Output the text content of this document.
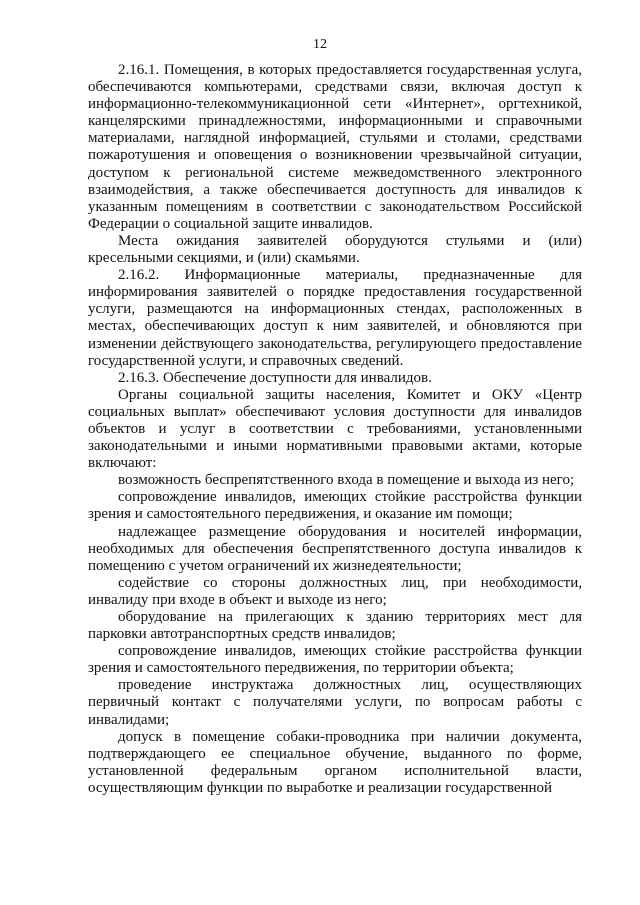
12

2.16.1. Помещения, в которых предоставляется государственная услуга, обеспечиваются компьютерами, средствами связи, включая доступ к информационно-телекоммуникационной сети «Интернет», оргтехникой, канцелярскими принадлежностями, информационными и справочными материалами, наглядной информацией, стульями и столами, средствами пожаротушения и оповещения о возникновении чрезвычайной ситуации, доступом к региональной системе межведомственного электронного взаимодействия, а также обеспечивается доступность для инвалидов к указанным помещениям в соответствии с законодательством Российской Федерации о социальной защите инвалидов.

Места ожидания заявителей оборудуются стульями и (или) кресельными секциями, и (или) скамьями.

2.16.2. Информационные материалы, предназначенные для информирования заявителей о порядке предоставления государственной услуги, размещаются на информационных стендах, расположенных в местах, обеспечивающих доступ к ним заявителей, и обновляются при изменении действующего законодательства, регулирующего предоставление государственной услуги, и справочных сведений.

2.16.3. Обеспечение доступности для инвалидов.

Органы социальной защиты населения, Комитет и ОКУ «Центр социальных выплат» обеспечивают условия доступности для инвалидов объектов и услуг в соответствии с требованиями, установленными законодательными и иными нормативными правовыми актами, которые включают:

возможность беспрепятственного входа в помещение и выхода из него;

сопровождение инвалидов, имеющих стойкие расстройства функции зрения и самостоятельного передвижения, и оказание им помощи;

надлежащее размещение оборудования и носителей информации, необходимых для обеспечения беспрепятственного доступа инвалидов к помещению с учетом ограничений их жизнедеятельности;

содействие со стороны должностных лиц, при необходимости, инвалиду при входе в объект и выходе из него;

оборудование на прилегающих к зданию территориях мест для парковки автотранспортных средств инвалидов;

сопровождение инвалидов, имеющих стойкие расстройства функции зрения и самостоятельного передвижения, по территории объекта;

проведение инструктажа должностных лиц, осуществляющих первичный контакт с получателями услуги, по вопросам работы с инвалидами;

допуск в помещение собаки-проводника при наличии документа, подтверждающего ее специальное обучение, выданного по форме, установленной федеральным органом исполнительной власти, осуществляющим функции по выработке и реализации государственной
